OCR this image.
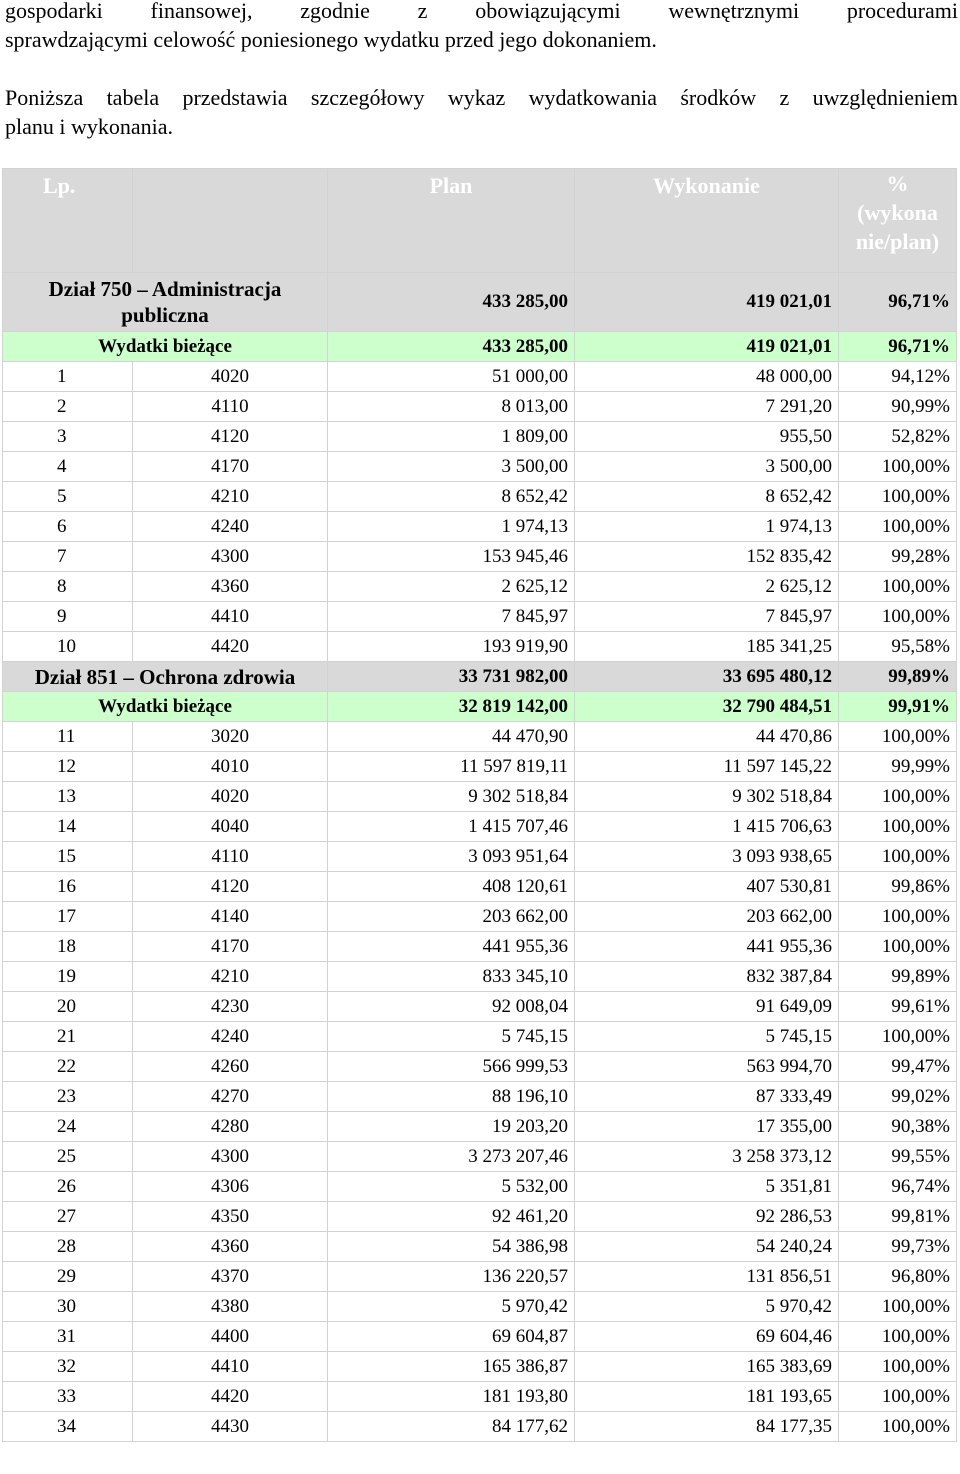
gospodarki finansowej, zgodnie z obowiązującymi wewnętrznymi procedurami
sprawdzającymi celowość poniesionego wydatku przed jego dokonaniem.
Poniższa tabela przedstawia szczegółowy wykaz wydatkowania środków z uwzględnieniem
planu i wykonania.
Lp.		Plan	Wykonanie	%
(wykona
nie/plan)

Dział 750 – Administracja
publiczna		433 285,00	419 021,01	96,71%
Wydatki bieżące		433 285,00	419 021,01	96,71%
1	4020	51 000,00	48 000,00	94,12%
2	4110	8 013,00	7 291,20	90,99%
3	4120	1 809,00	955,50	52,82%
4	4170	3 500,00	3 500,00	100,00%
5	4210	8 652,42	8 652,42	100,00%
6	4240	1 974,13	1 974,13	100,00%
7	4300	153 945,46	152 835,42	99,28%
8	4360	2 625,12	2 625,12	100,00%
9	4410	7 845,97	7 845,97	100,00%
10	4420	193 919,90	185 341,25	95,58%
Dział 851 – Ochrona zdrowia		33 731 982,00	33 695 480,12	99,89%
Wydatki bieżące		32 819 142,00	32 790 484,51	99,91%
11	3020	44 470,90	44 470,86	100,00%
12	4010	11 597 819,11	11 597 145,22	99,99%
13	4020	9 302 518,84	9 302 518,84	100,00%
14	4040	1 415 707,46	1 415 706,63	100,00%
15	4110	3 093 951,64	3 093 938,65	100,00%
16	4120	408 120,61	407 530,81	99,86%
17	4140	203 662,00	203 662,00	100,00%
18	4170	441 955,36	441 955,36	100,00%
19	4210	833 345,10	832 387,84	99,89%
20	4230	92 008,04	91 649,09	99,61%
21	4240	5 745,15	5 745,15	100,00%
22	4260	566 999,53	563 994,70	99,47%
23	4270	88 196,10	87 333,49	99,02%
24	4280	19 203,20	17 355,00	90,38%
25	4300	3 273 207,46	3 258 373,12	99,55%
26	4306	5 532,00	5 351,81	96,74%
27	4350	92 461,20	92 286,53	99,81%
28	4360	54 386,98	54 240,24	99,73%
29	4370	136 220,57	131 856,51	96,80%
30	4380	5 970,42	5 970,42	100,00%
31	4400	69 604,87	69 604,46	100,00%
32	4410	165 386,87	165 383,69	100,00%
33	4420	181 193,80	181 193,65	100,00%
34	4430	84 177,62	84 177,35	100,00%
